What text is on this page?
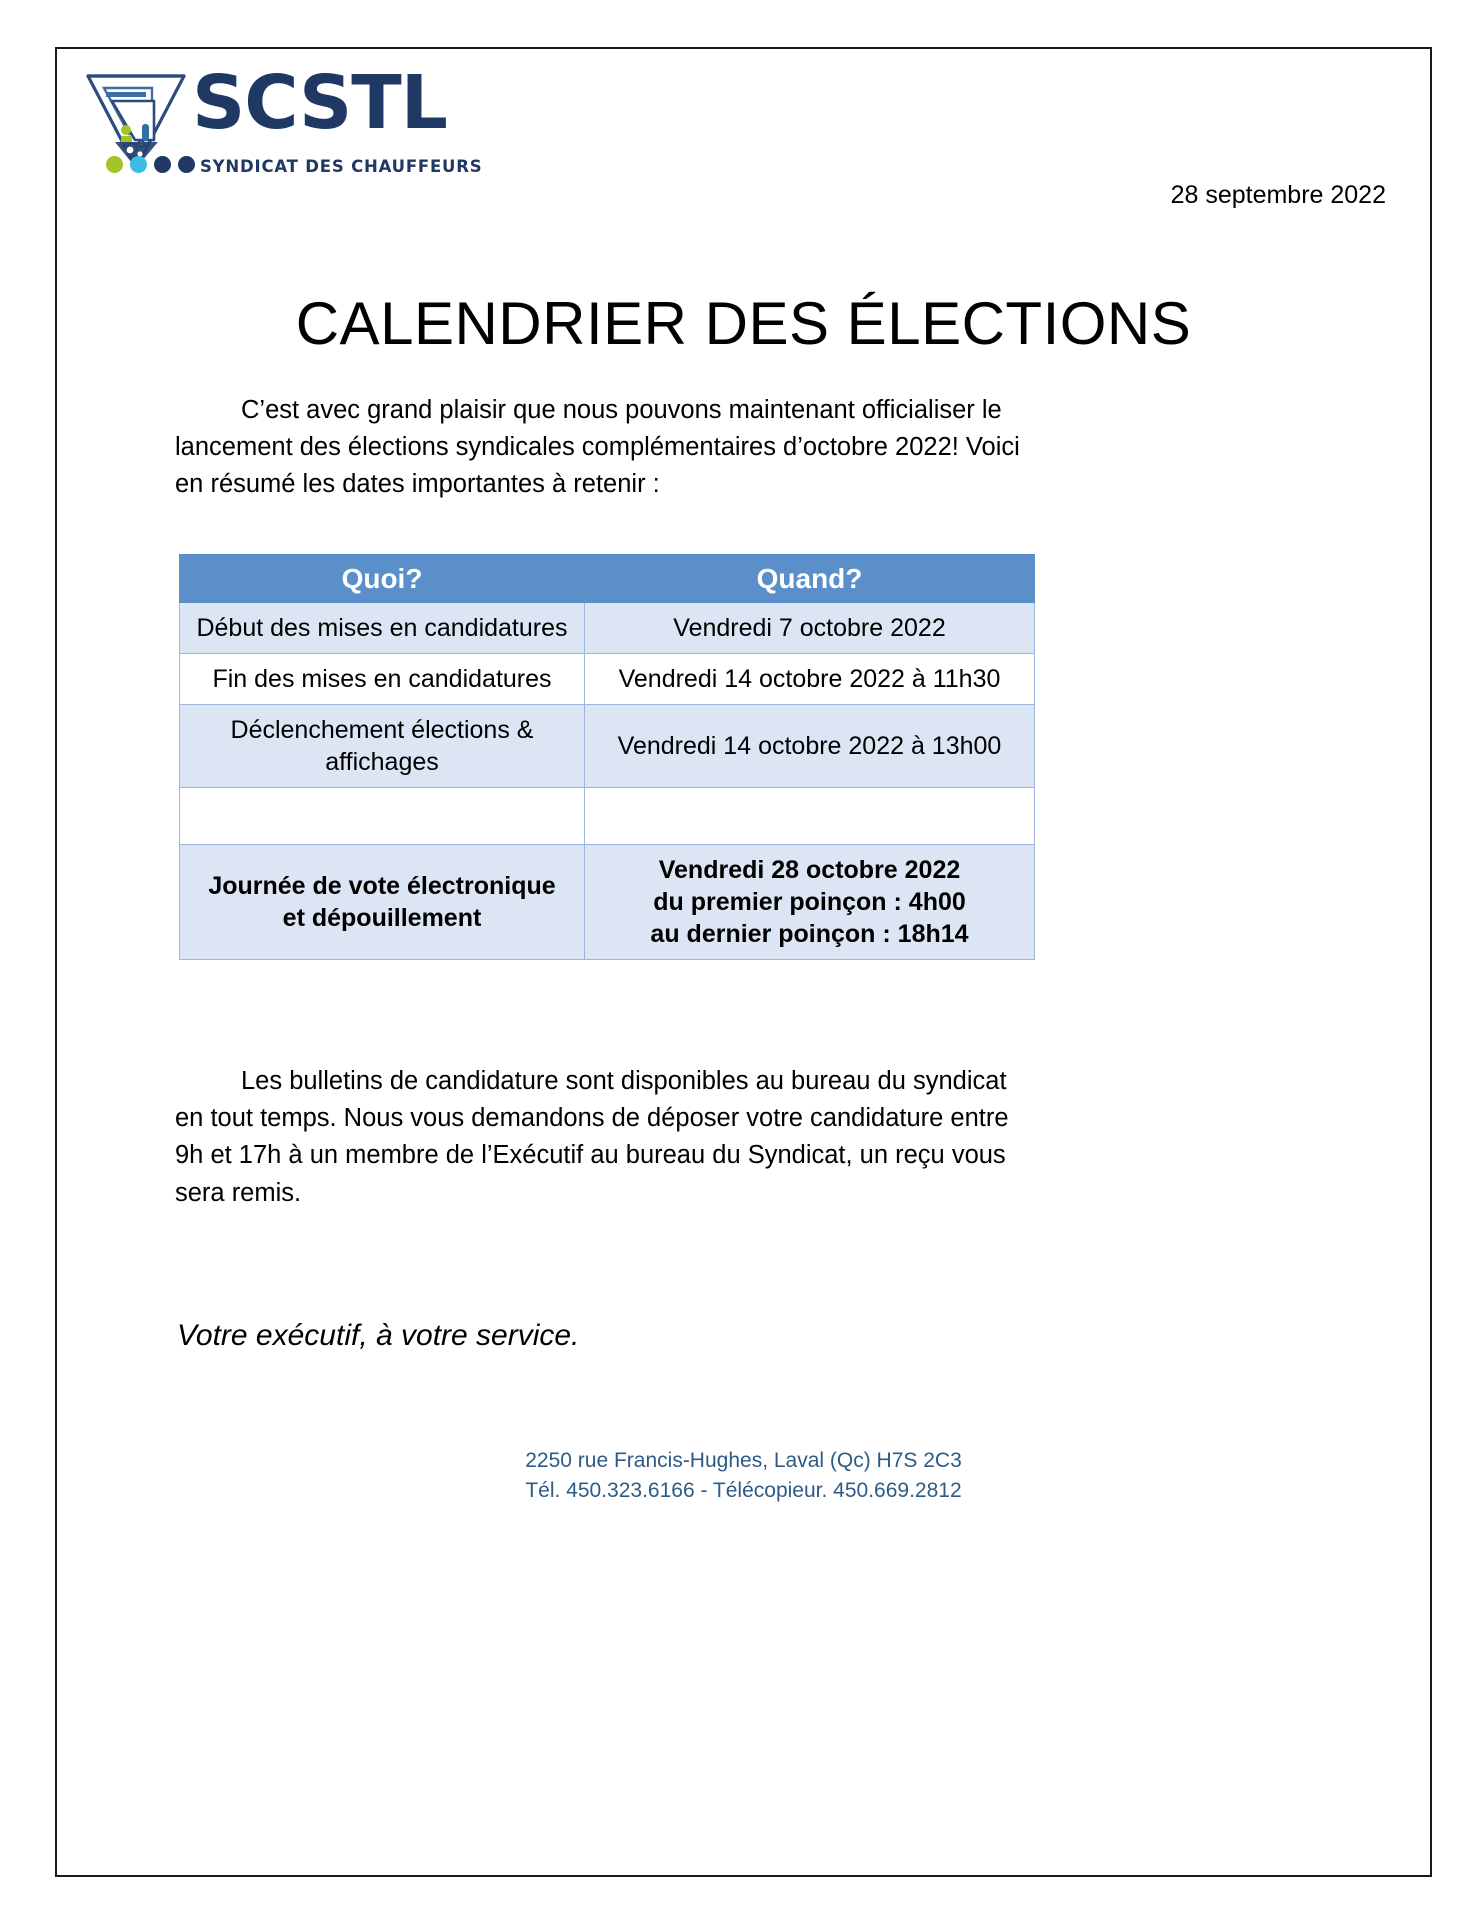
SCSTL
SYNDICAT DES CHAUFFEURS
28 septembre 2022
CALENDRIER DES ÉLECTIONS

C’est avec grand plaisir que nous pouvons maintenant officialiser le lancement des élections syndicales complémentaires d’octobre 2022! Voici en résumé les dates importantes à retenir :

Quoi?	Quand?
Début des mises en candidatures	Vendredi 7 octobre 2022
Fin des mises en candidatures	Vendredi 14 octobre 2022 à 11h30
Déclenchement élections &
affichages	Vendredi 14 octobre 2022 à 13h00

Journée de vote électronique
et dépouillement	Vendredi 28 octobre 2022
du premier poinçon : 4h00
au dernier poinçon : 18h14

Les bulletins de candidature sont disponibles au bureau du syndicat en tout temps. Nous vous demandons de déposer votre candidature entre 9h et 17h à un membre de l’Exécutif au bureau du Syndicat, un reçu vous sera remis.

Votre exécutif, à votre service.
2250 rue Francis-Hughes, Laval (Qc) H7S 2C3
Tél. 450.323.6166 - Télécopieur. 450.669.2812
